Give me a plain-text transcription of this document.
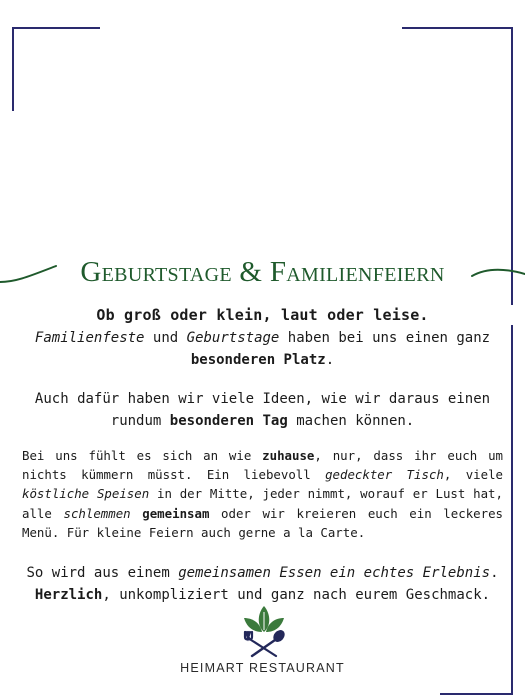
Geburtstage & Familienfeiern

Ob groß oder klein, laut oder leise.

Familienfeste und Geburtstage haben bei uns einen ganz besonderen Platz.

Auch dafür haben wir viele Ideen, wie wir daraus einen rundum besonderen Tag machen können.

Bei uns fühlt es sich an wie zuhause, nur, dass ihr euch um nichts kümmern müsst. Ein liebevoll gedeckter Tisch, viele köstliche Speisen in der Mitte, jeder nimmt, worauf er Lust hat, alle schlemmen gemeinsam oder wir kreieren euch ein leckeres Menü. Für kleine Feiern auch gerne a la Carte.

So wird aus einem gemeinsamen Essen ein echtes Erlebnis.
Herzlich, unkompliziert und ganz nach eurem Geschmack.

HEIMART RESTAURANT
